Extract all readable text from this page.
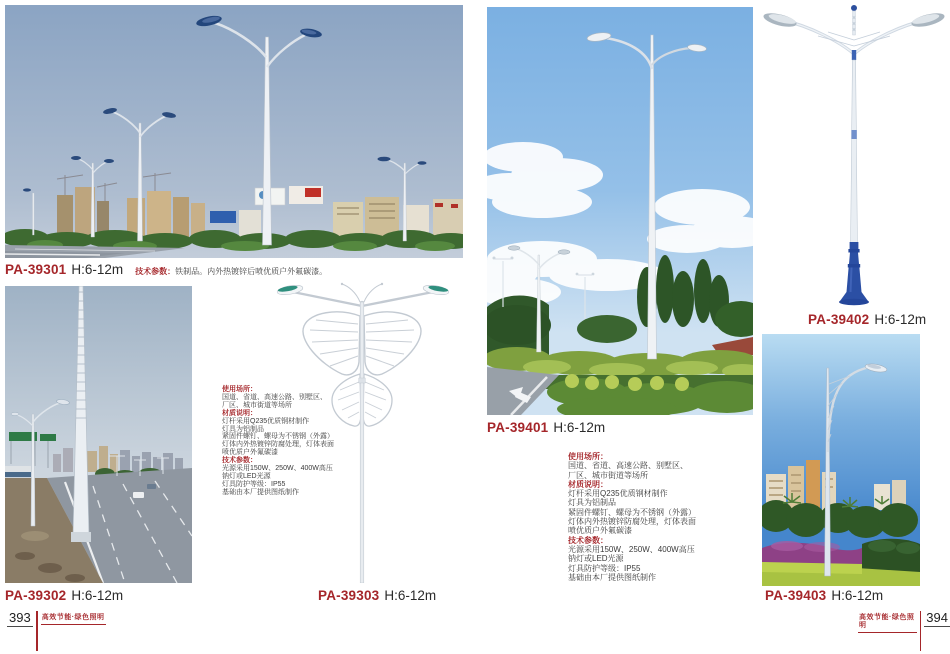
PA-39301 H:6-12m 技术参数：铁制品。内外热镀锌后喷优质户外氟碳漆。
PA-39302 H:6-12m	PA-39303 H:6-12m
使用场所：
国道、省道、高速公路、别墅区、
厂区、城市街道等场所
材质说明：
灯杆采用Q235优质钢材制作
灯具为铝制品
紧固件螺钉、螺母为不锈钢（外露）
灯体内外热镀锌防腐处理，灯体表面
喷优质户外氟碳漆
技术参数：
光源采用150W、250W、400W高压
钠灯或LED光源
灯具防护等级：IP55
基础由本厂提供图纸制作
393 高效节能·绿色照明
PA-39401 H:6-12m
PA-39402 H:6-12m
使用场所：
国道、省道、高速公路、别墅区、
厂区、城市街道等场所
材质说明：
灯杆采用Q235优质钢材制作
灯具为铝制品
紧固件螺钉、螺母为不锈钢（外露）
灯体内外热镀锌防腐处理，灯体表面
喷优质户外氟碳漆
技术参数：
光源采用150W、250W、400W高压
钠灯或LED光源
灯具防护等级：IP55
基础由本厂提供图纸制作
PA-39403 H:6-12m
高效节能·绿色照明
394
